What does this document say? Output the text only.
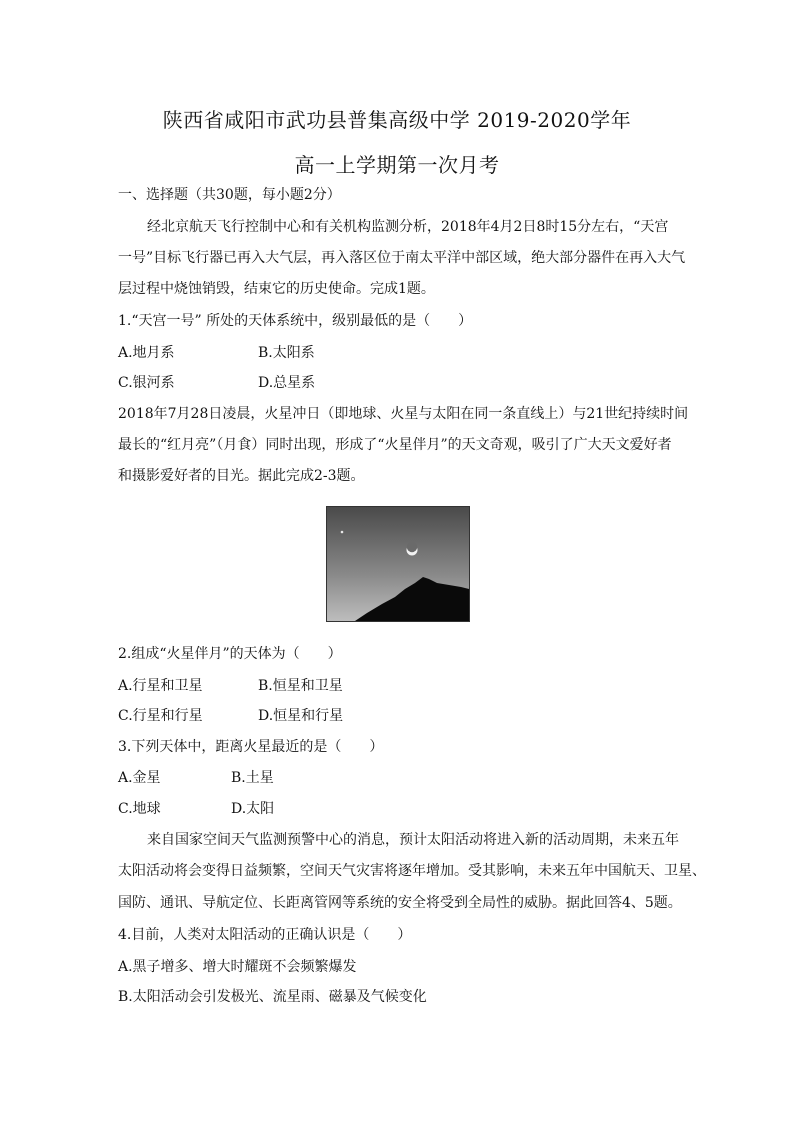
陕西省咸阳市武功县普集高级中学 2019-2020学年
高一上学期第一次月考
一、选择题（共30题，每小题2分）
经北京航天飞行控制中心和有关机构监测分析，2018年4月2日8时15分左右，“天宫
一号”目标飞行器已再入大气层，再入落区位于南太平洋中部区域，绝大部分器件在再入大气
层过程中烧蚀销毁，结束它的历史使命。完成1题。
1.“天宫一号” 所处的天体系统中，级别最低的是（　　）
A.地月系	B.太阳系
C.银河系	D.总星系
2018年7月28日凌晨，火星冲日（即地球、火星与太阳在同一条直线上）与21世纪持续时间
最长的“红月亮”（月食）同时出现，形成了“火星伴月”的天文奇观，吸引了广大天文爱好者
和摄影爱好者的目光。据此完成2-3题。
2.组成“火星伴月”的天体为（　　）
A.行星和卫星	B.恒星和卫星
C.行星和行星	D.恒星和行星
3.下列天体中，距离火星最近的是（　　）
A.金星	B.土星
C.地球	D.太阳
来自国家空间天气监测预警中心的消息，预计太阳活动将进入新的活动周期，未来五年
太阳活动将会变得日益频繁，空间天气灾害将逐年增加。受其影响，未来五年中国航天、卫星、
国防、通讯、导航定位、长距离管网等系统的安全将受到全局性的威胁。据此回答4、5题。
4.目前，人类对太阳活动的正确认识是（　　）
A.黑子增多、增大时耀斑不会频繁爆发
B.太阳活动会引发极光、流星雨、磁暴及气候变化
